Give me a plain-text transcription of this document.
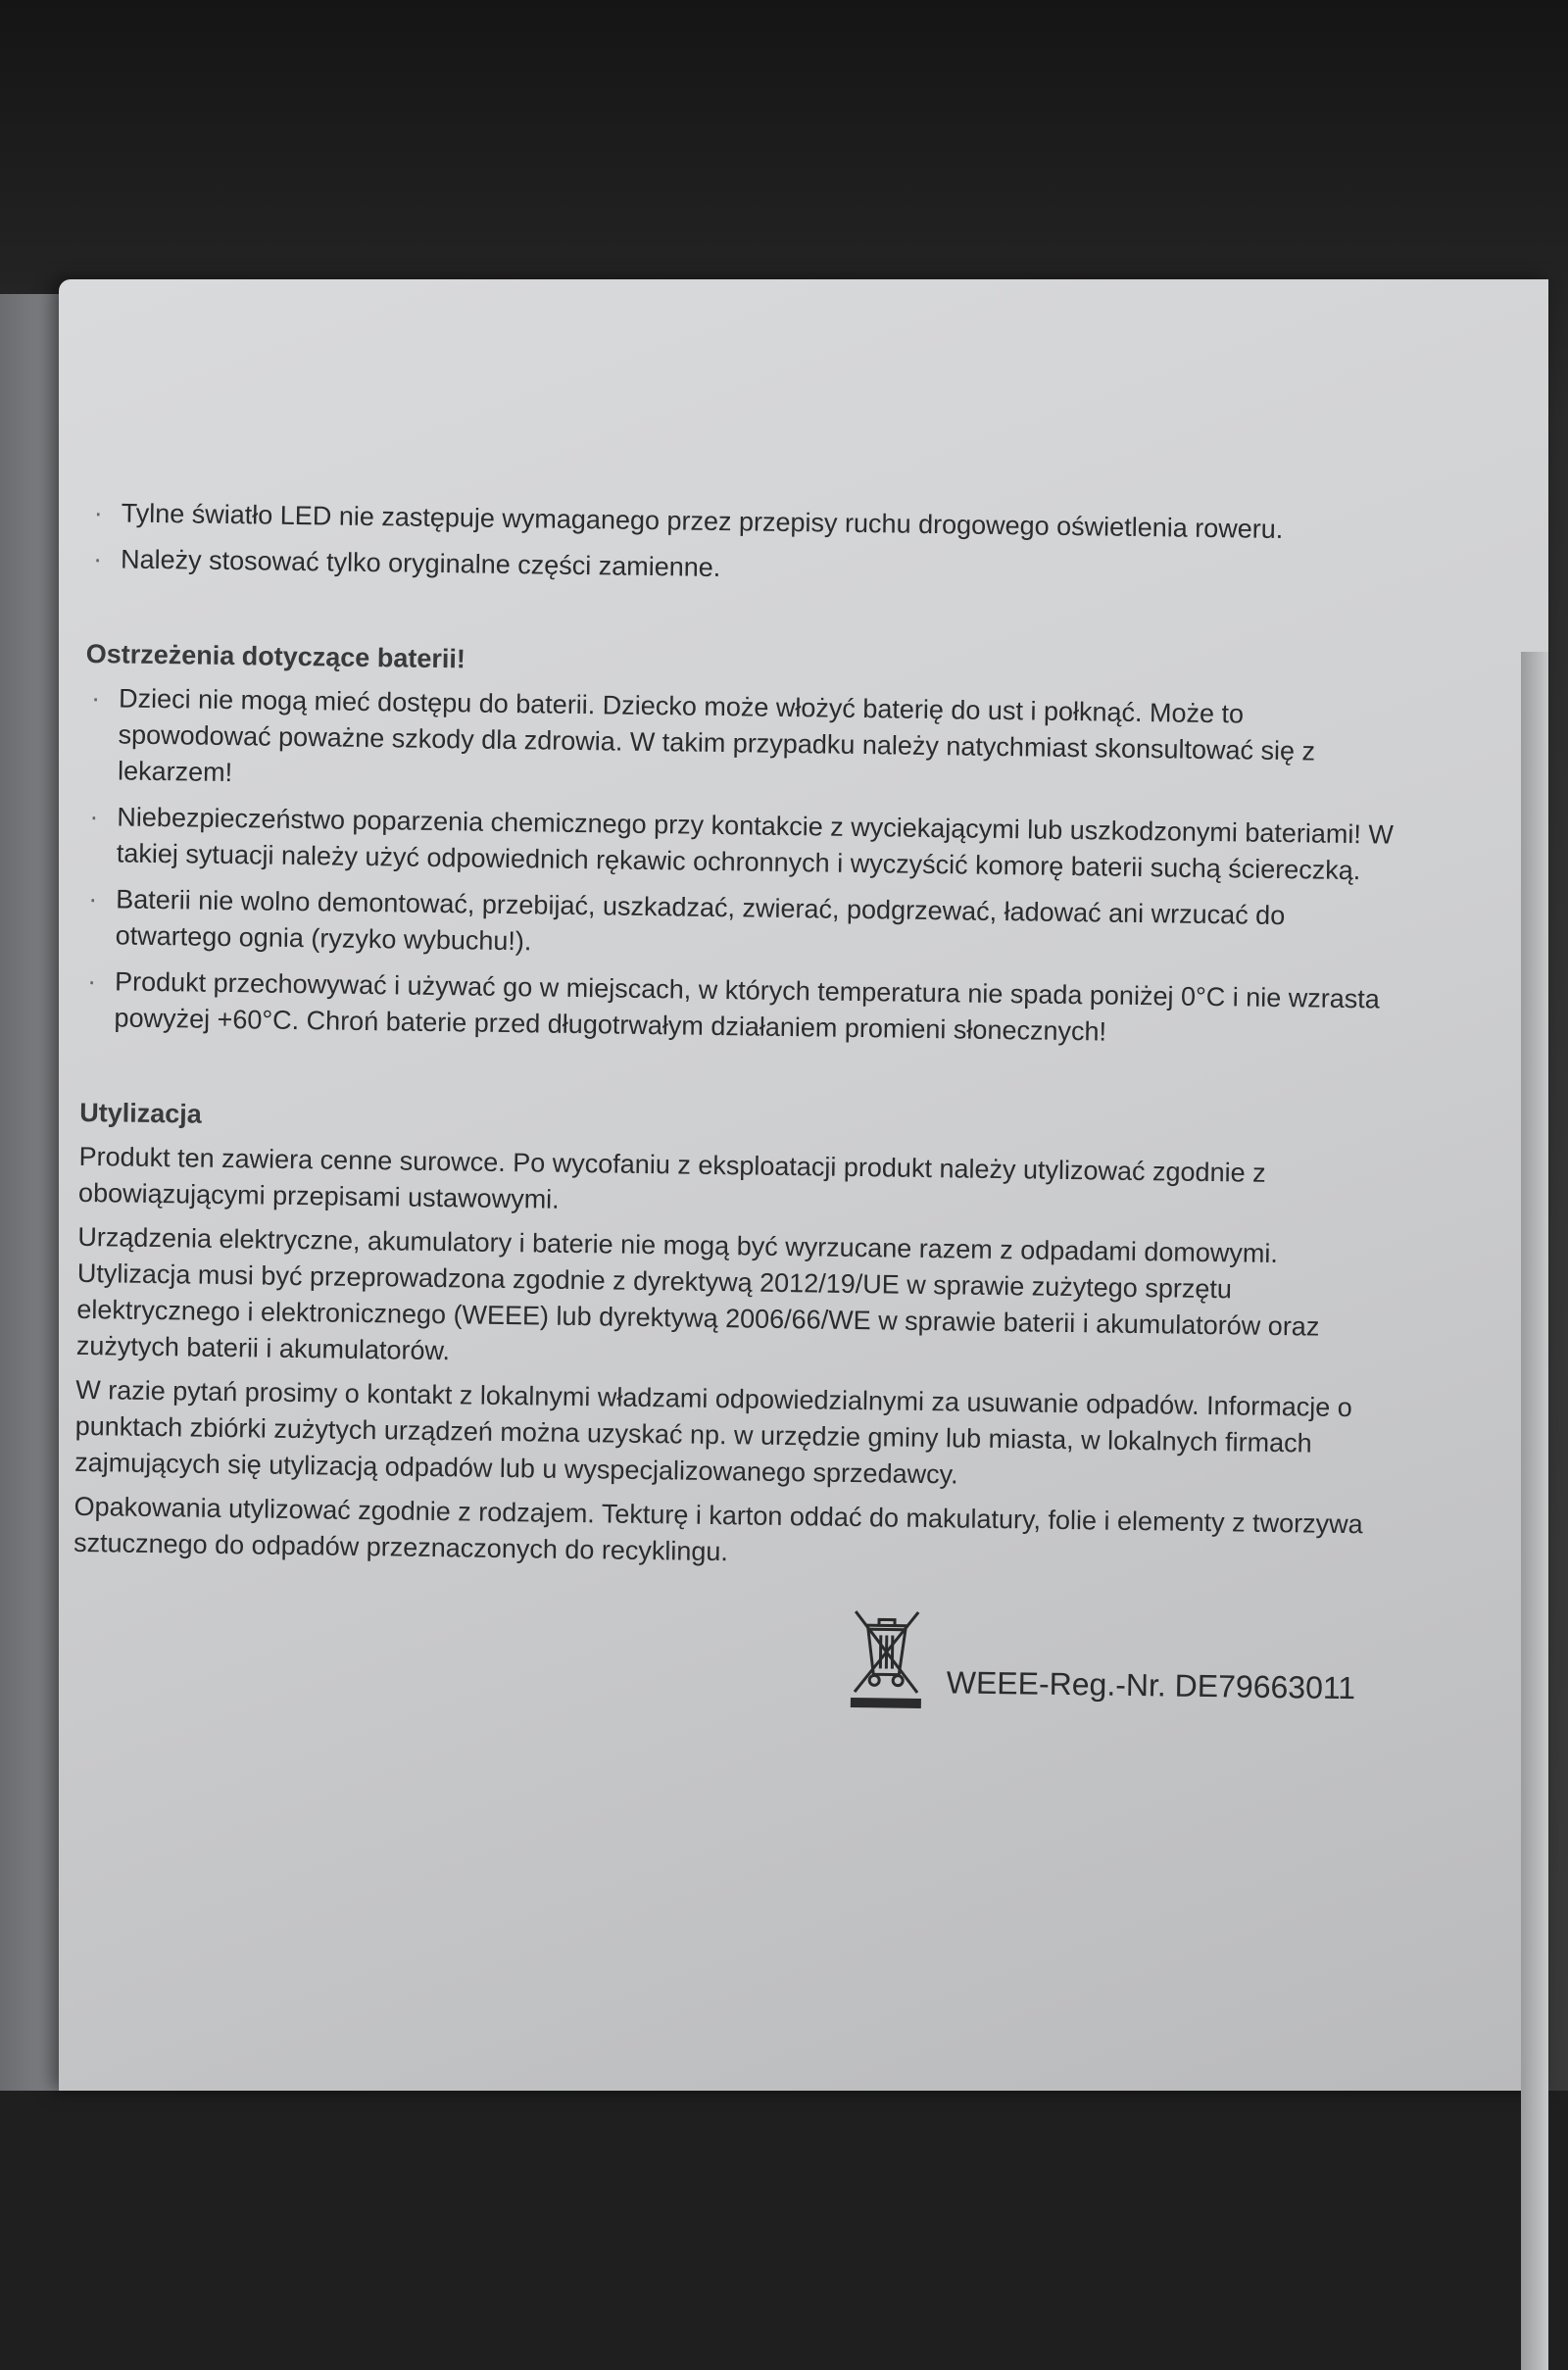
· Tylne światło LED nie zastępuje wymaganego przez przepisy ruchu drogowego oświetlenia roweru.
· Należy stosować tylko oryginalne części zamienne.
Ostrzeżenia dotyczące baterii!
· Dzieci nie mogą mieć dostępu do baterii. Dziecko może włożyć baterię do ust i połknąć. Może to spowodować poważne szkody dla zdrowia. W takim przypadku należy natychmiast skonsultować się z lekarzem!
· Niebezpieczeństwo poparzenia chemicznego przy kontakcie z wyciekającymi lub uszkodzonymi bateriami! W takiej sytuacji należy użyć odpowiednich rękawic ochronnych i wyczyścić komorę baterii suchą ściereczką.
· Baterii nie wolno demontować, przebijać, uszkadzać, zwierać, podgrzewać, ładować ani wrzucać do otwartego ognia (ryzyko wybuchu!).
· Produkt przechowywać i używać go w miejscach, w których temperatura nie spada poniżej 0°C i nie wzrasta powyżej +60°C. Chroń baterie przed długotrwałym działaniem promieni słonecznych!
Utylizacja

Produkt ten zawiera cenne surowce. Po wycofaniu z eksploatacji produkt należy utylizować zgodnie z obowiązującymi przepisami ustawowymi.

Urządzenia elektryczne, akumulatory i baterie nie mogą być wyrzucane razem z odpadami domowymi. Utylizacja musi być przeprowadzona zgodnie z dyrektywą 2012/19/UE w sprawie zużytego sprzętu elektrycznego i elektronicznego (WEEE) lub dyrektywą 2006/66/WE w sprawie baterii i akumulatorów oraz zużytych baterii i akumulatorów.

W razie pytań prosimy o kontakt z lokalnymi władzami odpowiedzialnymi za usuwanie odpadów. Informacje o punktach zbiórki zużytych urządzeń można uzyskać np. w urzędzie gminy lub miasta, w lokalnych firmach zajmujących się utylizacją odpadów lub u wyspecjalizowanego sprzedawcy.

Opakowania utylizować zgodnie z rodzajem. Tekturę i karton oddać do makulatury, folie i elementy z tworzywa sztucznego do odpadów przeznaczonych do recyklingu.

WEEE-Reg.-Nr. DE79663011
